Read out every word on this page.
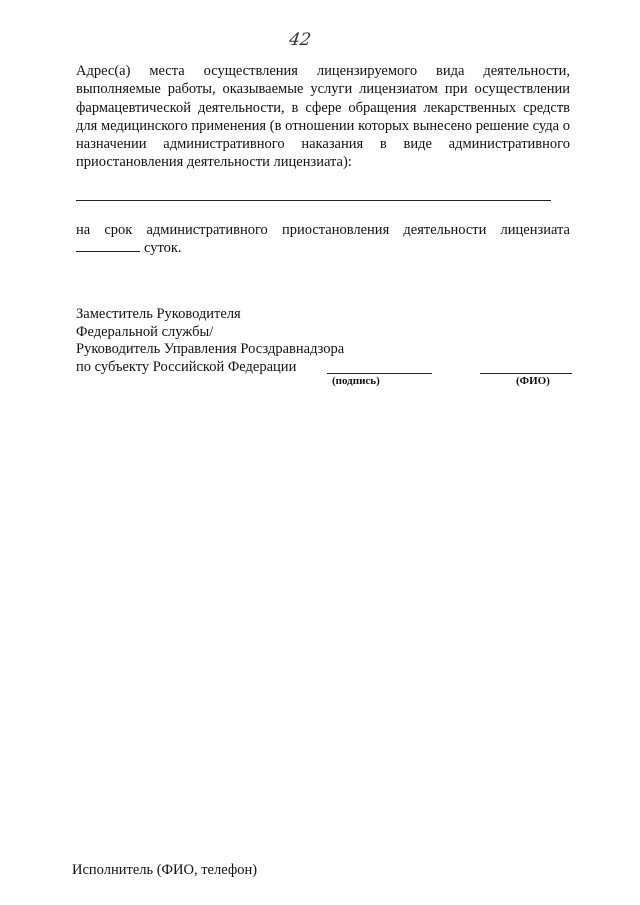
42

Адрес(а) места осуществления лицензируемого вида деятельности, выполняемые работы, оказываемые услуги лицензиатом при осуществлении фармацевтической деятельности, в сфере обращения лекарственных средств для медицинского применения (в отношении которых вынесено решение суда о назначении административного наказания в виде административного приостановления деятельности лицензиата):

на срок административного приостановления деятельности лицензиата суток.

Заместитель Руководителя
Федеральной службы/
Руководитель Управления Росздравнадзора
по субъекту Российской Федерации
(подпись)	(ФИО)
Исполнитель (ФИО, телефон)
